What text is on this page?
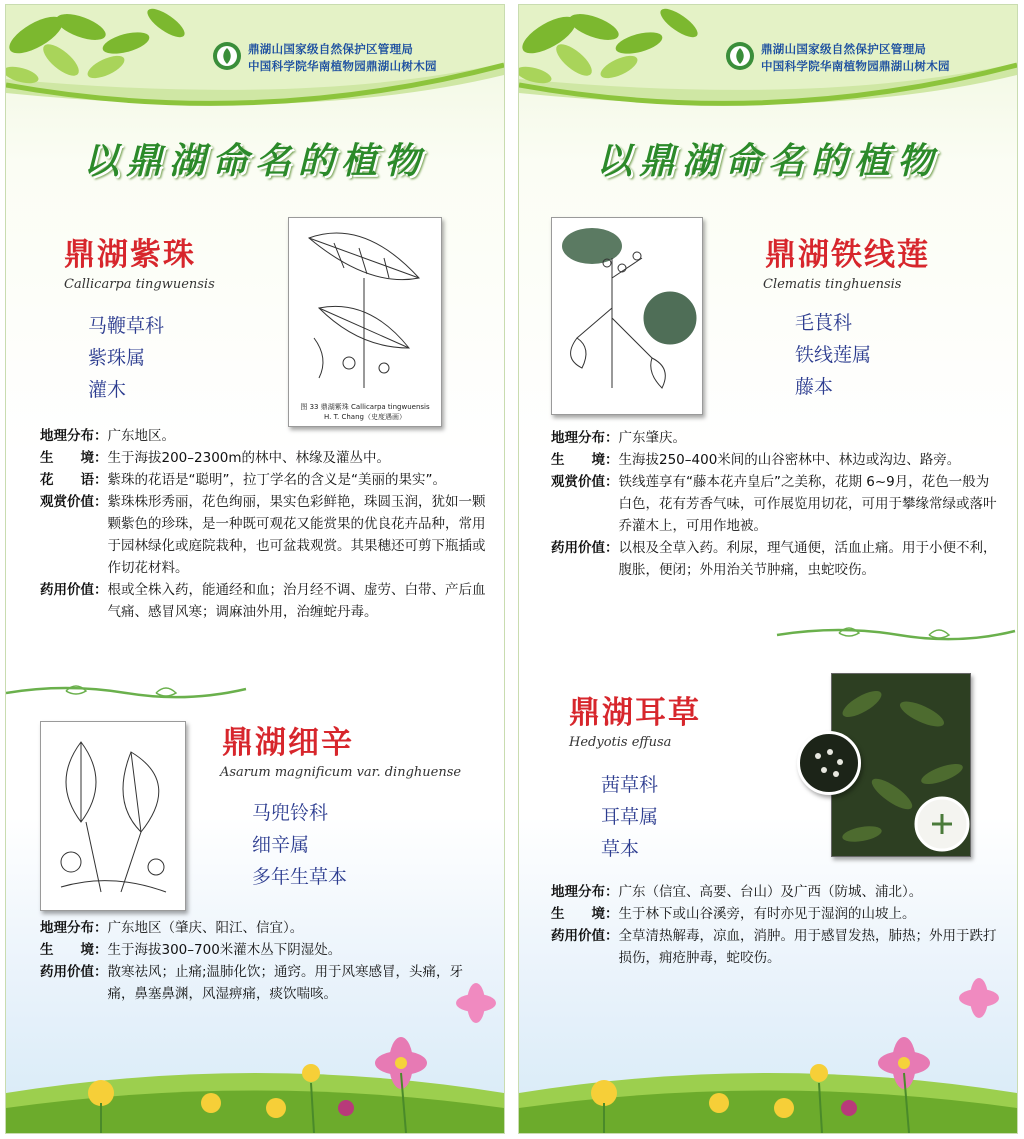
鼎湖山国家级自然保护区管理局
中国科学院华南植物园鼎湖山树木园
以鼎湖命名的植物
鼎湖紫珠
Callicarpa tingwuensis
马鞭草科
紫珠属
灌木
图 33 鼎湖紫珠 Callicarpa tingwuensis
H. T. Chang（史度遇画）
地理分布： 广东地区。
生　　境： 生于海拔200–2300m的林中、林缘及灌丛中。
花　　语： 紫珠的花语是“聪明”，拉丁学名的含义是“美丽的果实”。
观赏价值： 紫珠株形秀丽，花色绚丽，果实色彩鲜艳，珠圆玉润，犹如一颗颗紫色的珍珠，是一种既可观花又能赏果的优良花卉品种，常用于园林绿化或庭院栽种，也可盆栽观赏。其果穗还可剪下瓶插或作切花材料。
药用价值： 根或全株入药，能通经和血；治月经不调、虚劳、白带、产后血气痛、感冒风寒；调麻油外用，治缠蛇丹毒。
鼎湖细辛
Asarum magnificum var. dinghuense
马兜铃科
细辛属
多年生草本
地理分布： 广东地区（肇庆、阳江、信宜）。
生　　境： 生于海拔300–700米灌木丛下阴湿处。
药用价值： 散寒祛风；止痛;温肺化饮；通窍。用于风寒感冒，头痛，牙痛，鼻塞鼻渊，风湿痹痛，痰饮喘咳。
鼎湖山国家级自然保护区管理局
中国科学院华南植物园鼎湖山树木园
以鼎湖命名的植物
鼎湖铁线莲
Clematis tinghuensis
毛茛科
铁线莲属
藤本
地理分布： 广东肇庆。
生　　境： 生海拔250–400米间的山谷密林中、林边或沟边、路旁。
观赏价值： 铁线莲享有“藤本花卉皇后”之美称，花期 6~9月，花色一般为白色，花有芳香气味，可作展览用切花，可用于攀缘常绿或落叶乔灌木上，可用作地被。
药用价值： 以根及全草入药。利尿，理气通便，活血止痛。用于小便不利，腹胀，便闭；外用治关节肿痛，虫蛇咬伤。
鼎湖耳草
Hedyotis effusa
茜草科
耳草属
草本
地理分布： 广东（信宜、高要、台山）及广西（防城、浦北）。
生　　境： 生于林下或山谷溪旁，有时亦见于湿润的山坡上。
药用价值： 全草清热解毒，凉血，消肿。用于感冒发热，肺热；外用于跌打损伤，痈疮肿毒，蛇咬伤。
